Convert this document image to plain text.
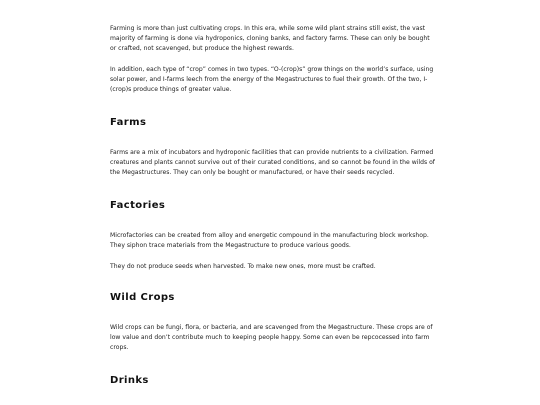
Farming is more than just cultivating crops. In this era, while some wild plant strains still exist, the vast majority of farming is done via hydroponics, cloning banks, and factory farms. These can only be bought or crafted, not scavenged, but produce the highest rewards.

In addition, each type of “crop” comes in two types. “O-(crop)s” grow things on the world’s surface, using solar power, and I-farms leech from the energy of the Megastructures to fuel their growth. Of the two, I-(crop)s produce things of greater value.

Farms

Farms are a mix of incubators and hydroponic facilities that can provide nutrients to a civilization. Farmed creatures and plants cannot survive out of their curated conditions, and so cannot be found in the wilds of the Megastructures. They can only be bought or manufactured, or have their seeds recycled.

Factories

Microfactories can be created from alloy and energetic compound in the manufacturing block workshop. They siphon trace materials from the Megastructure to produce various goods.

They do not produce seeds when harvested. To make new ones, more must be crafted.

Wild Crops

Wild crops can be fungi, flora, or bacteria, and are scavenged from the Megastructure. These crops are of low value and don’t contribute much to keeping people happy. Some can even be repcocessed into farm crops.

Drinks
